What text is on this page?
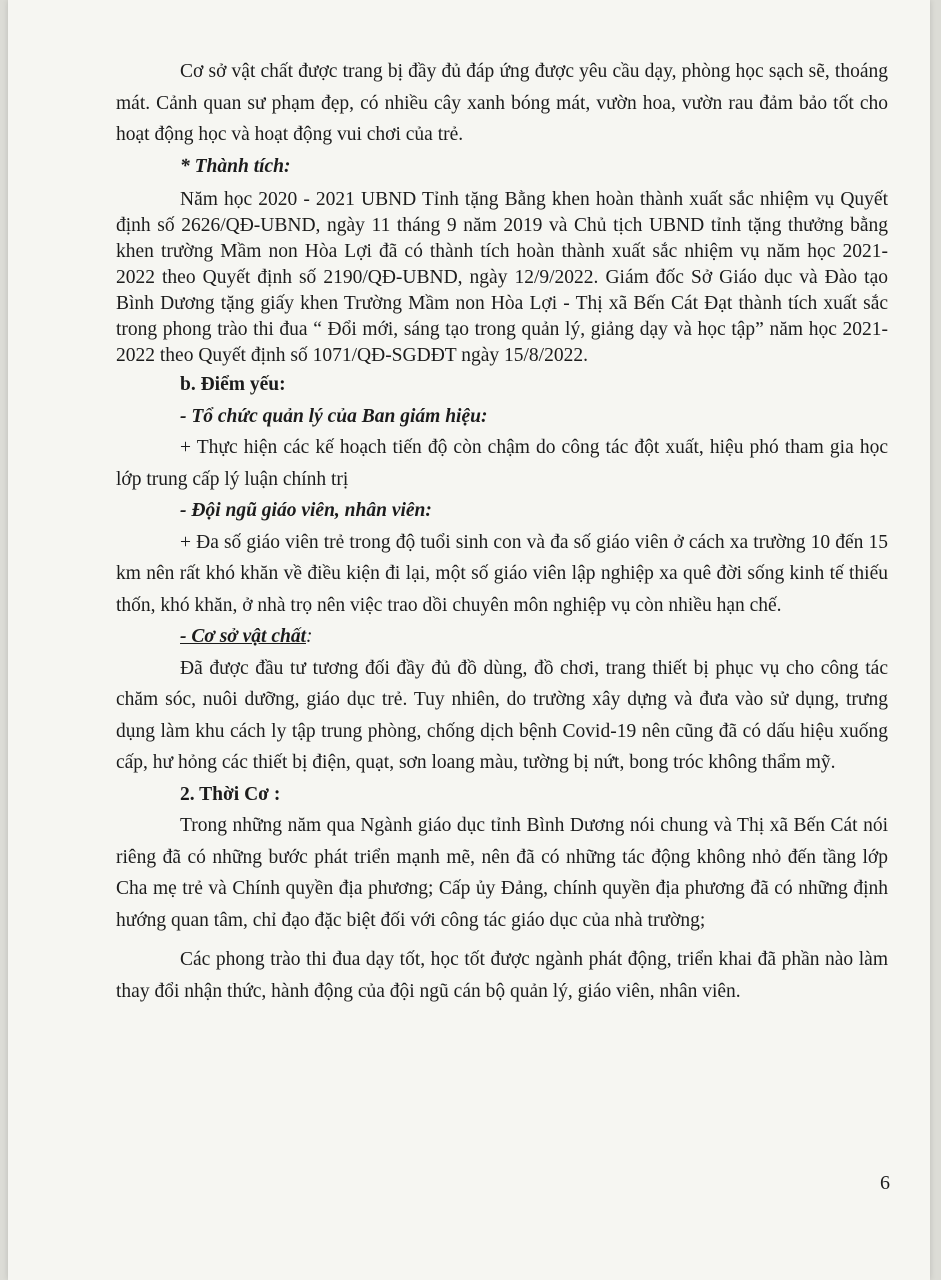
Cơ sở vật chất được trang bị đầy đủ đáp ứng được yêu cầu dạy, phòng học sạch sẽ, thoáng mát. Cảnh quan sư phạm đẹp, có nhiều cây xanh bóng mát, vườn hoa, vườn rau đảm bảo tốt cho hoạt động học và hoạt động vui chơi của trẻ.

* Thành tích:

Năm học 2020 - 2021 UBND Tỉnh tặng Bằng khen hoàn thành xuất sắc nhiệm vụ Quyết định số 2626/QĐ-UBND, ngày 11 tháng 9 năm 2019 và Chủ tịch UBND tỉnh tặng thưởng bằng khen trường Mầm non Hòa Lợi đã có thành tích hoàn thành xuất sắc nhiệm vụ năm học 2021-2022 theo Quyết định số 2190/QĐ-UBND, ngày 12/9/2022. Giám đốc Sở Giáo dục và Đào tạo Bình Dương tặng giấy khen Trường Mầm non Hòa Lợi - Thị xã Bến Cát Đạt thành tích xuất sắc trong phong trào thi đua “ Đổi mới, sáng tạo trong quản lý, giảng dạy và học tập” năm học 2021-2022 theo Quyết định số 1071/QĐ-SGDĐT ngày 15/8/2022.

b. Điểm yếu:

- Tổ chức quản lý của Ban giám hiệu:

+ Thực hiện các kế hoạch tiến độ còn chậm do công tác đột xuất, hiệu phó tham gia học lớp trung cấp lý luận chính trị

- Đội ngũ giáo viên, nhân viên:

+ Đa số giáo viên trẻ trong độ tuổi sinh con và đa số giáo viên ở cách xa trường 10 đến 15 km nên rất khó khăn về điều kiện đi lại, một số giáo viên lập nghiệp xa quê đời sống kinh tế thiếu thốn, khó khăn, ở nhà trọ nên việc trao dồi chuyên môn nghiệp vụ còn nhiều hạn chế.

- Cơ sở vật chất:

Đã được đầu tư tương đối đầy đủ đồ dùng, đồ chơi, trang thiết bị phục vụ cho công tác chăm sóc, nuôi dưỡng, giáo dục trẻ. Tuy nhiên, do trường xây dựng và đưa vào sử dụng, trưng dụng làm khu cách ly tập trung phòng, chống dịch bệnh Covid-19 nên cũng đã có dấu hiệu xuống cấp, hư hỏng các thiết bị điện, quạt, sơn loang màu, tường bị nứt, bong tróc không thẩm mỹ.

2. Thời Cơ :

Trong những năm qua Ngành giáo dục tỉnh Bình Dương nói chung và Thị xã Bến Cát nói riêng đã có những bước phát triển mạnh mẽ, nên đã có những tác động không nhỏ đến tầng lớp Cha mẹ trẻ và Chính quyền địa phương; Cấp ủy Đảng, chính quyền địa phương đã có những định hướng quan tâm, chỉ đạo đặc biệt đối với công tác giáo dục của nhà trường;

Các phong trào thi đua dạy tốt, học tốt được ngành phát động, triển khai đã phần nào làm thay đổi nhận thức, hành động của đội ngũ cán bộ quản lý, giáo viên, nhân viên.

6
